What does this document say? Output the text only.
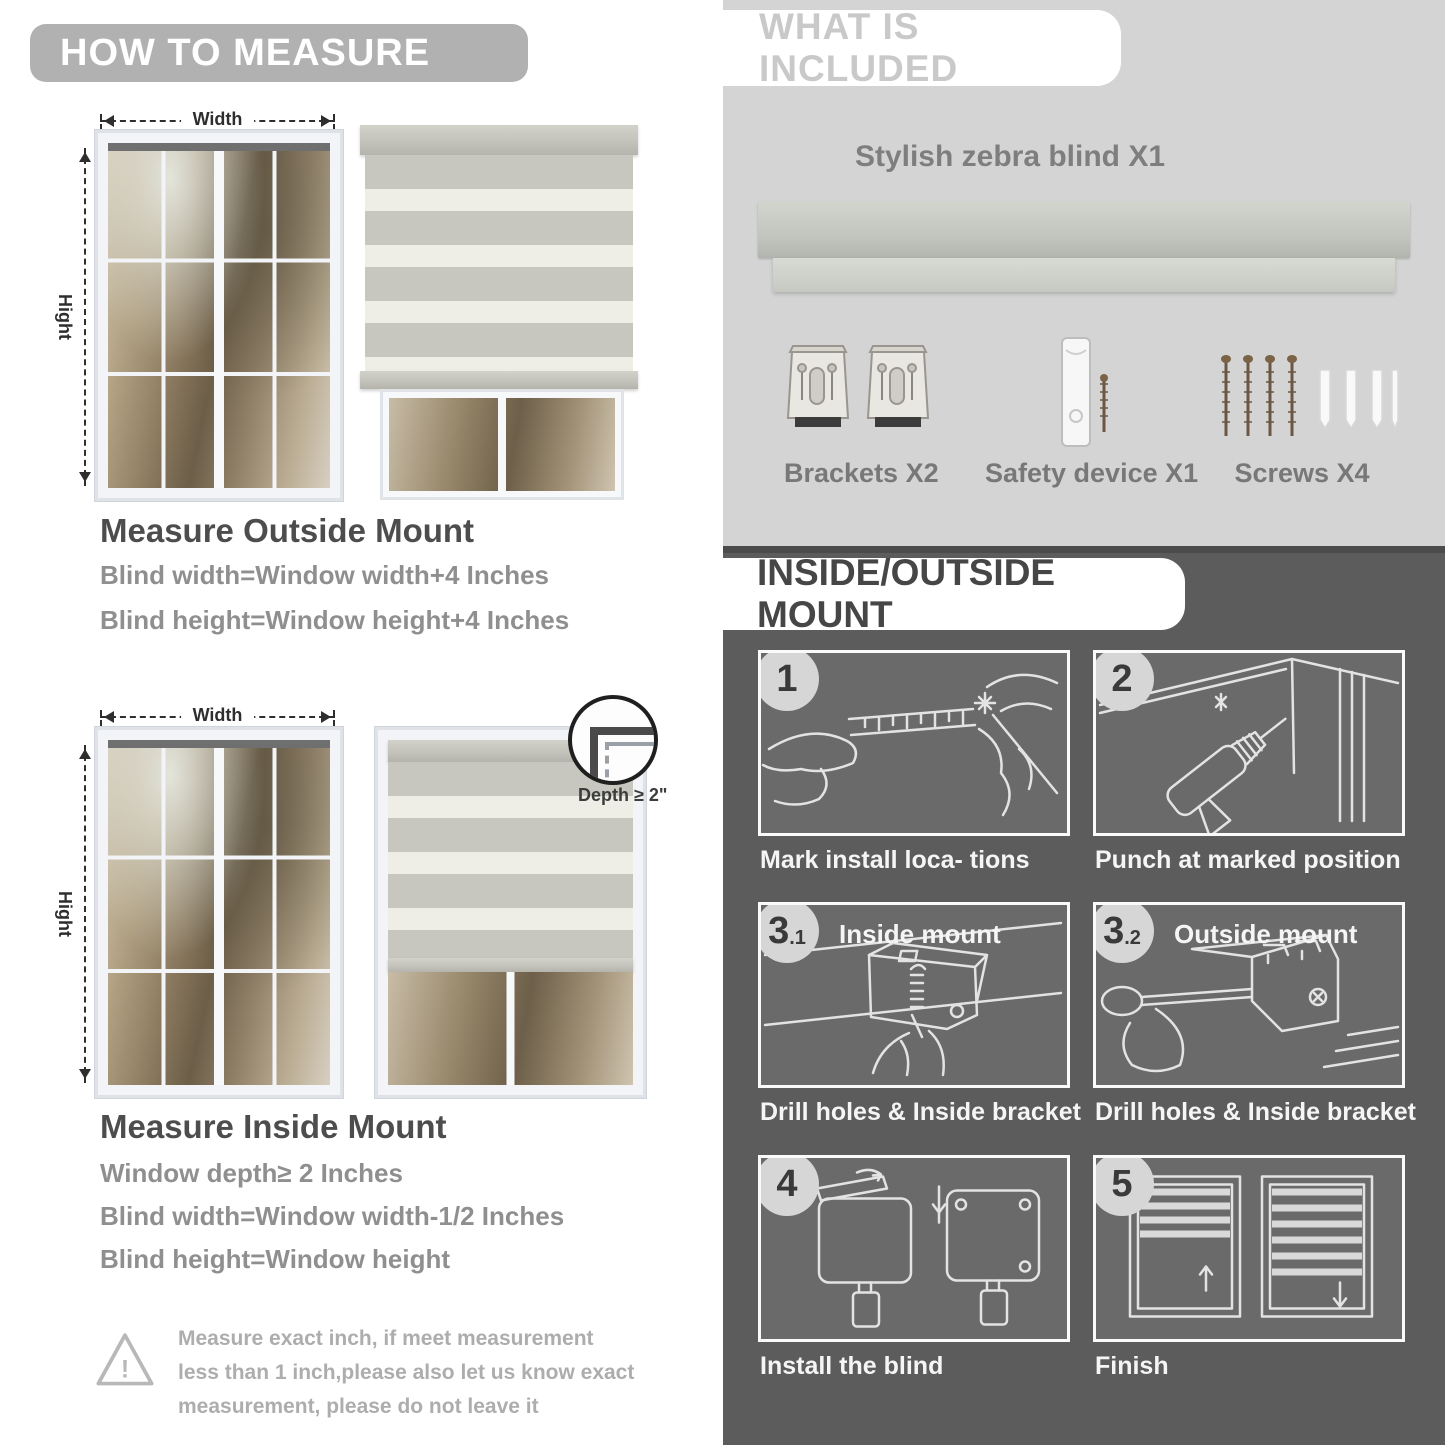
HOW TO MEASURE
Width
Hight
Measure Outside Mount
Blind width=Window width+4 Inches
Blind height=Window height+4 Inches
Width
Hight
Depth ≥ 2"
Measure Inside Mount
Window depth≥ 2 Inches
Blind width=Window width-1/2 Inches
Blind height=Window height
!
Measure exact inch, if meet measurement less than 1 inch,please also let us know exact measurement, please do not leave it
WHAT IS INCLUDED
Stylish zebra blind X1
Brackets X2 Safety device X1	Screws X4
INSIDE/OUTSIDE MOUNT
1
Mark install loca- tions
2
Punch at marked position
3 .1 Inside mount
Drill holes & Inside bracket
3 .2 Outside mount
Drill holes & Inside bracket
4
Install the blind
5
Finish
